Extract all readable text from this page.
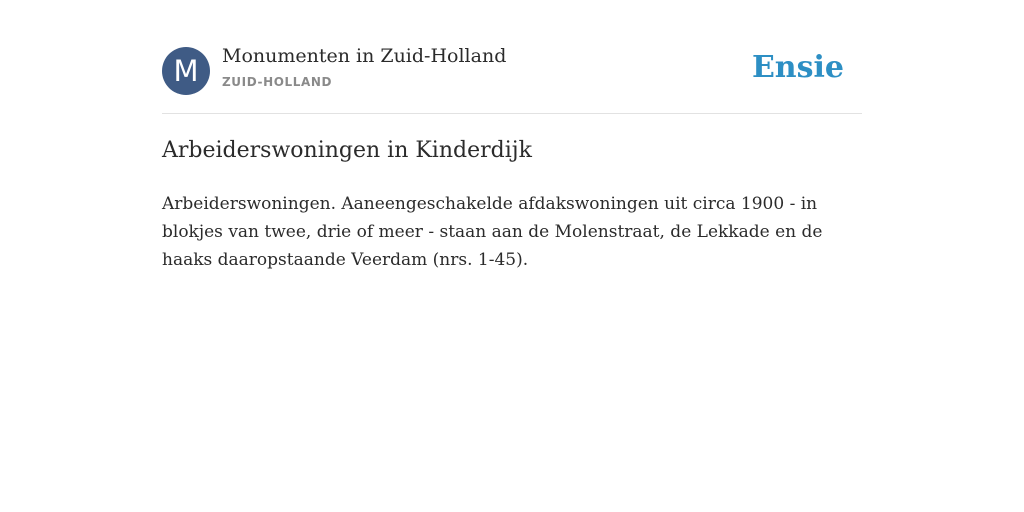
M	Monumenten in Zuid-Holland
ZUID-HOLLAND	Ensie
Arbeiderswoningen in Kinderdijk

Arbeiderswoningen. Aaneengeschakelde afdakswoningen uit circa 1900 - in blokjes van twee, drie of meer - staan aan de Molenstraat, de Lekkade en de haaks daaropstaande Veerdam (nrs. 1-45).
